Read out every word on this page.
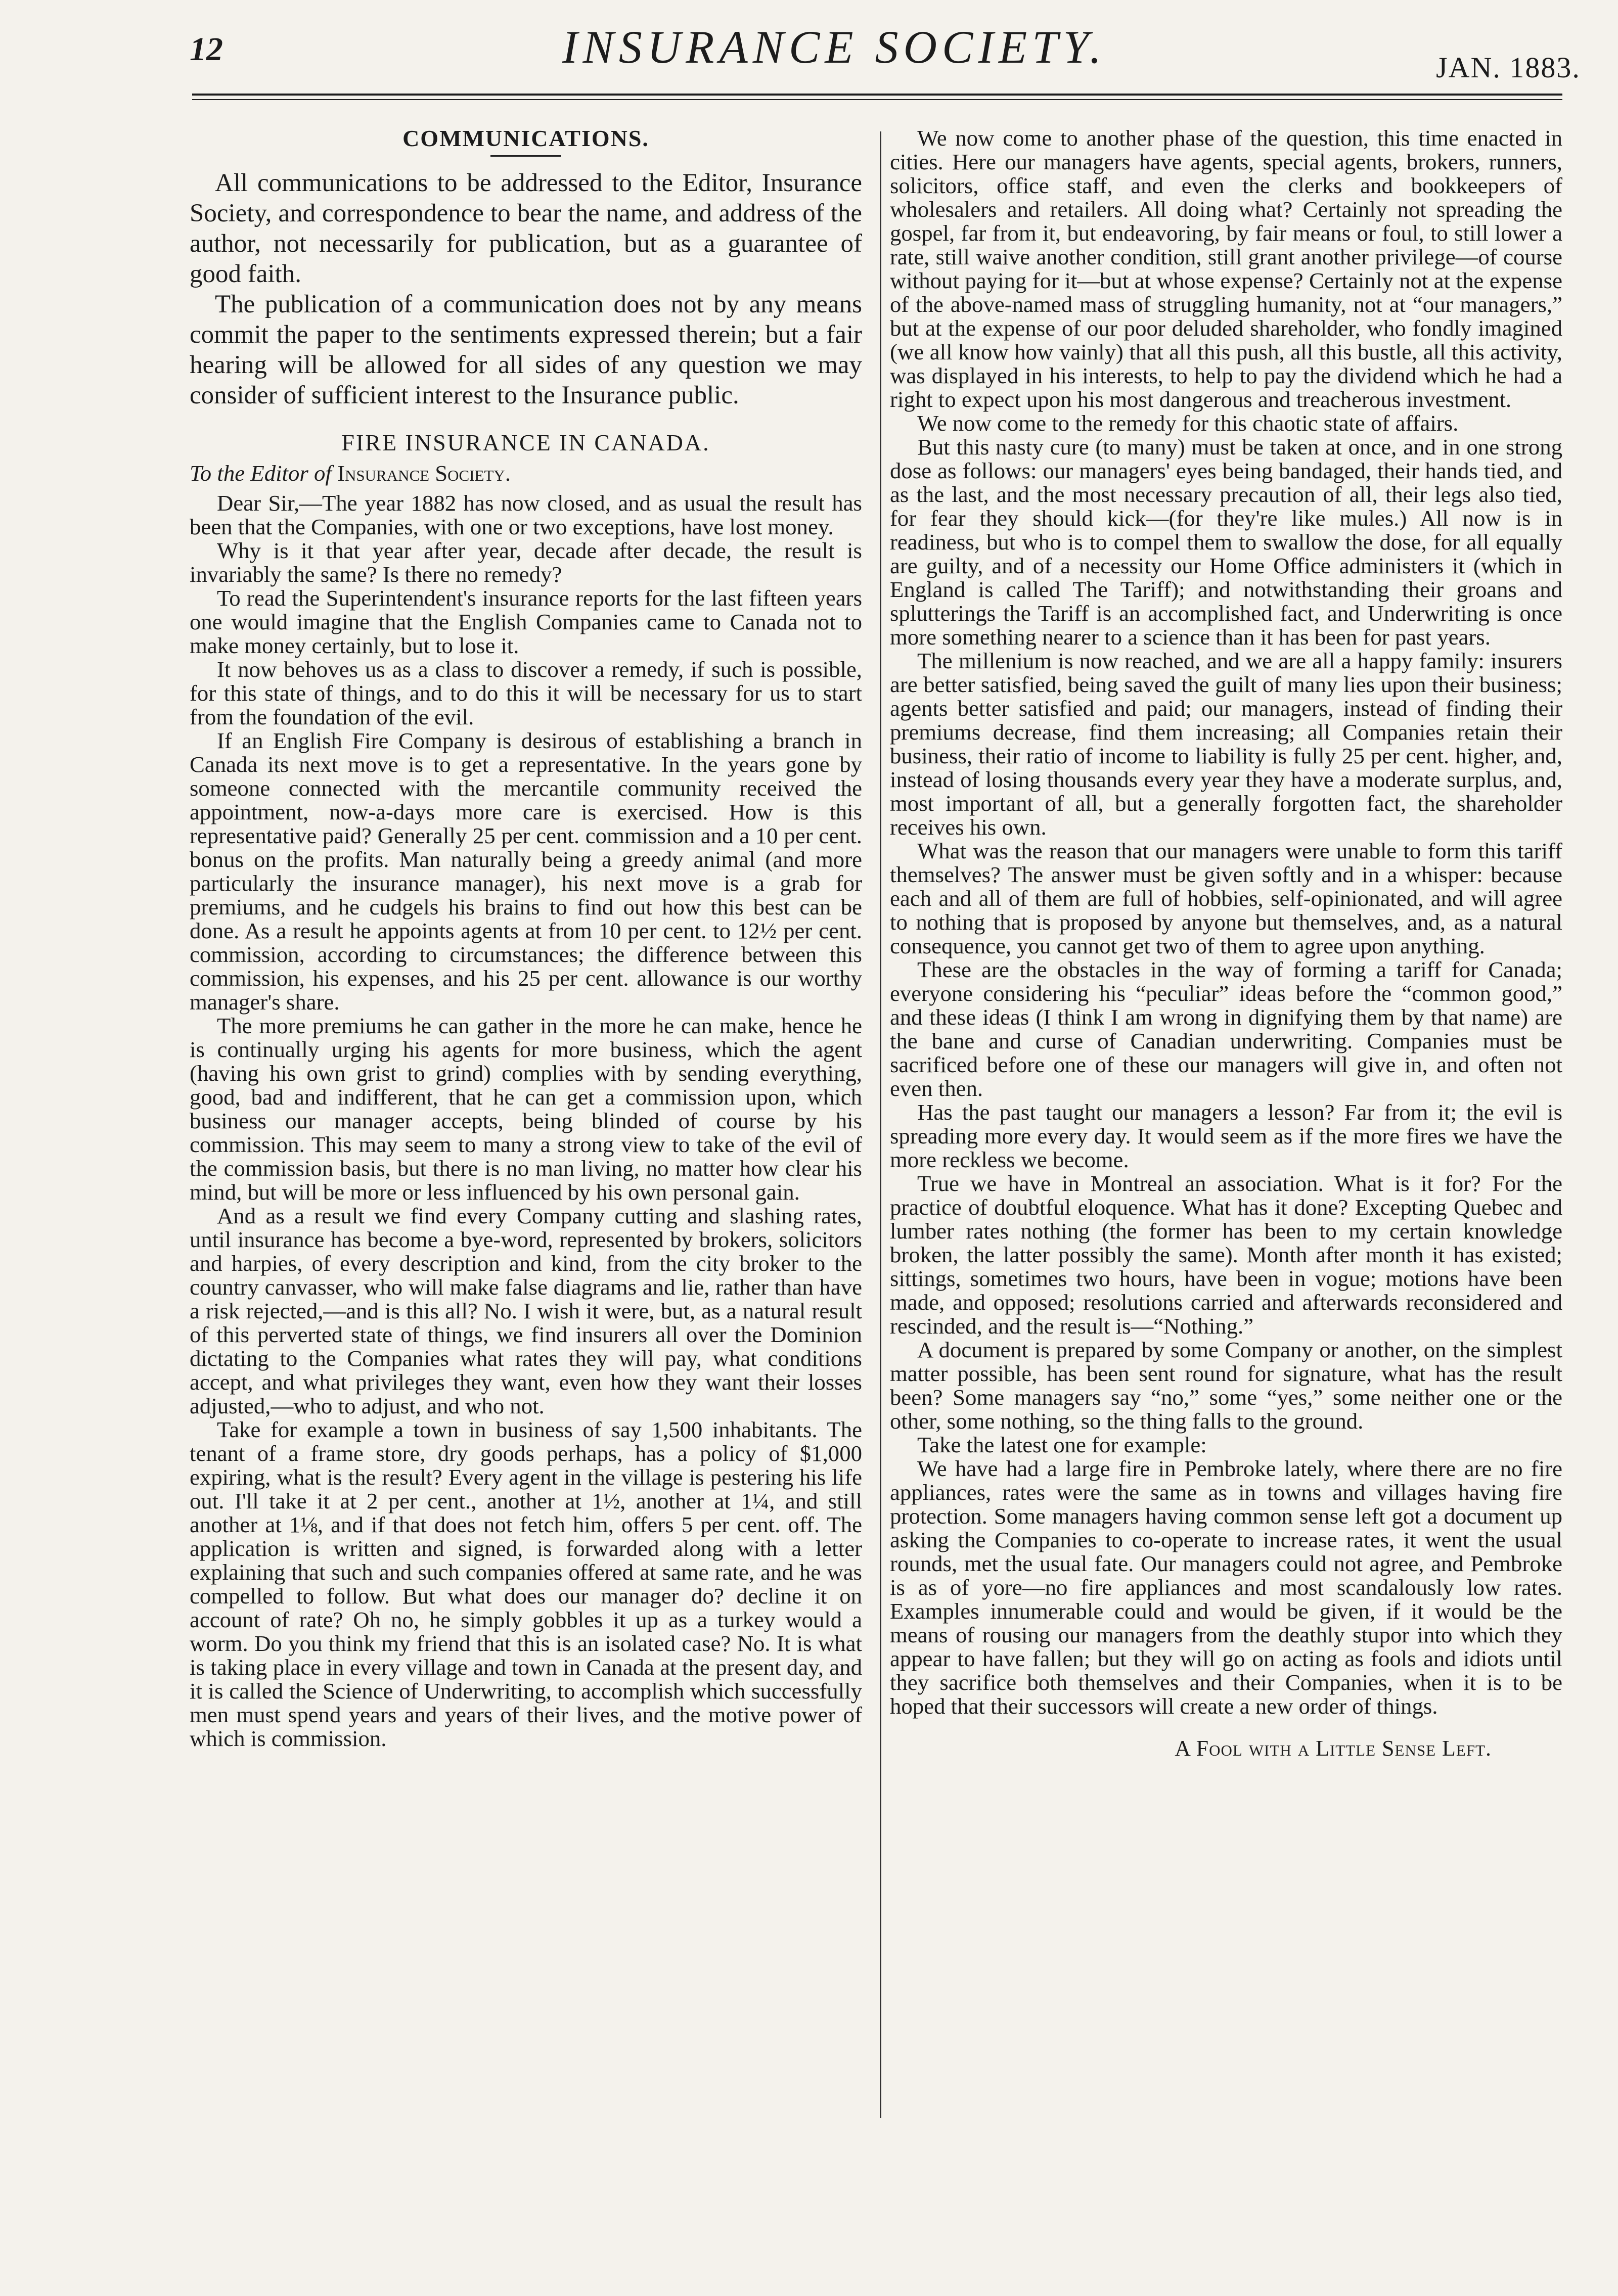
12	INSURANCE SOCIETY.	JAN. 1883.
COMMUNICATIONS.

All communications to be addressed to the Editor, Insurance Society, and correspondence to bear the name, and address of the author, not necessarily for publication, but as a guarantee of good faith.

The publication of a communication does not by any means commit the paper to the sentiments expressed therein; but a fair hearing will be allowed for all sides of any question we may consider of sufficient interest to the Insurance public.

FIRE INSURANCE IN CANADA.
To the Editor of Insurance Society.

Dear Sir,—The year 1882 has now closed, and as usual the result has been that the Companies, with one or two exceptions, have lost money.

Why is it that year after year, decade after decade, the result is invariably the same? Is there no remedy?

To read the Superintendent's insurance reports for the last fifteen years one would imagine that the English Companies came to Canada not to make money certainly, but to lose it.

It now behoves us as a class to discover a remedy, if such is possible, for this state of things, and to do this it will be necessary for us to start from the foundation of the evil.

If an English Fire Company is desirous of establishing a branch in Canada its next move is to get a representative. In the years gone by someone connected with the mercantile community received the appointment, now-a-days more care is exercised. How is this representative paid? Generally 25 per cent. commission and a 10 per cent. bonus on the profits. Man naturally being a greedy animal (and more particularly the insurance manager), his next move is a grab for premiums, and he cudgels his brains to find out how this best can be done. As a result he appoints agents at from 10 per cent. to 12½ per cent. commission, according to circumstances; the difference between this commission, his expenses, and his 25 per cent. allowance is our worthy manager's share.

The more premiums he can gather in the more he can make, hence he is continually urging his agents for more business, which the agent (having his own grist to grind) complies with by sending everything, good, bad and indifferent, that he can get a commission upon, which business our manager accepts, being blinded of course by his commission. This may seem to many a strong view to take of the evil of the commission basis, but there is no man living, no matter how clear his mind, but will be more or less influenced by his own personal gain.

And as a result we find every Company cutting and slashing rates, until insurance has become a bye-word, represented by brokers, solicitors and harpies, of every description and kind, from the city broker to the country canvasser, who will make false diagrams and lie, rather than have a risk rejected,—and is this all? No. I wish it were, but, as a natural result of this perverted state of things, we find insurers all over the Dominion dictating to the Companies what rates they will pay, what conditions accept, and what privileges they want, even how they want their losses adjusted,—who to adjust, and who not.

Take for example a town in business of say 1,500 inhabitants. The tenant of a frame store, dry goods perhaps, has a policy of $1,000 expiring, what is the result? Every agent in the village is pestering his life out. I'll take it at 2 per cent., another at 1½, another at 1¼, and still another at 1⅛, and if that does not fetch him, offers 5 per cent. off. The application is written and signed, is forwarded along with a letter explaining that such and such companies offered at same rate, and he was compelled to follow. But what does our manager do? decline it on account of rate? Oh no, he simply gobbles it up as a turkey would a worm. Do you think my friend that this is an isolated case? No. It is what is taking place in every village and town in Canada at the present day, and it is called the Science of Underwriting, to accomplish which successfully men must spend years and years of their lives, and the motive power of which is commission.

We now come to another phase of the question, this time enacted in cities. Here our managers have agents, special agents, brokers, runners, solicitors, office staff, and even the clerks and bookkeepers of wholesalers and retailers. All doing what? Certainly not spreading the gospel, far from it, but endeavoring, by fair means or foul, to still lower a rate, still waive another condition, still grant another privilege—of course without paying for it—but at whose expense? Certainly not at the expense of the above-named mass of struggling humanity, not at “our managers,” but at the expense of our poor deluded shareholder, who fondly imagined (we all know how vainly) that all this push, all this bustle, all this activity, was displayed in his interests, to help to pay the dividend which he had a right to expect upon his most dangerous and treacherous investment.

We now come to the remedy for this chaotic state of affairs.

But this nasty cure (to many) must be taken at once, and in one strong dose as follows: our managers' eyes being bandaged, their hands tied, and as the last, and the most necessary precaution of all, their legs also tied, for fear they should kick—(for they're like mules.) All now is in readiness, but who is to compel them to swallow the dose, for all equally are guilty, and of a necessity our Home Office administers it (which in England is called The Tariff); and notwithstanding their groans and splutterings the Tariff is an accomplished fact, and Underwriting is once more something nearer to a science than it has been for past years.

The millenium is now reached, and we are all a happy family: insurers are better satisfied, being saved the guilt of many lies upon their business; agents better satisfied and paid; our managers, instead of finding their premiums decrease, find them increasing; all Companies retain their business, their ratio of income to liability is fully 25 per cent. higher, and, instead of losing thousands every year they have a moderate surplus, and, most important of all, but a generally forgotten fact, the shareholder receives his own.

What was the reason that our managers were unable to form this tariff themselves? The answer must be given softly and in a whisper: because each and all of them are full of hobbies, self-opinionated, and will agree to nothing that is proposed by anyone but themselves, and, as a natural consequence, you cannot get two of them to agree upon anything.

These are the obstacles in the way of forming a tariff for Canada; everyone considering his “peculiar” ideas before the “common good,” and these ideas (I think I am wrong in dignifying them by that name) are the bane and curse of Canadian underwriting. Companies must be sacrificed before one of these our managers will give in, and often not even then.

Has the past taught our managers a lesson? Far from it; the evil is spreading more every day. It would seem as if the more fires we have the more reckless we become.

True we have in Montreal an association. What is it for? For the practice of doubtful eloquence. What has it done? Excepting Quebec and lumber rates nothing (the former has been to my certain knowledge broken, the latter possibly the same). Month after month it has existed; sittings, sometimes two hours, have been in vogue; motions have been made, and opposed; resolutions carried and afterwards reconsidered and rescinded, and the result is—“Nothing.”

A document is prepared by some Company or another, on the simplest matter possible, has been sent round for signature, what has the result been? Some managers say “no,” some “yes,” some neither one or the other, some nothing, so the thing falls to the ground.

Take the latest one for example:

We have had a large fire in Pembroke lately, where there are no fire appliances, rates were the same as in towns and villages having fire protection. Some managers having common sense left got a document up asking the Companies to co-operate to increase rates, it went the usual rounds, met the usual fate. Our managers could not agree, and Pembroke is as of yore—no fire appliances and most scandalously low rates. Examples innumerable could and would be given, if it would be the means of rousing our managers from the deathly stupor into which they appear to have fallen; but they will go on acting as fools and idiots until they sacrifice both themselves and their Companies, when it is to be hoped that their successors will create a new order of things.

A Fool with a Little Sense Left.
